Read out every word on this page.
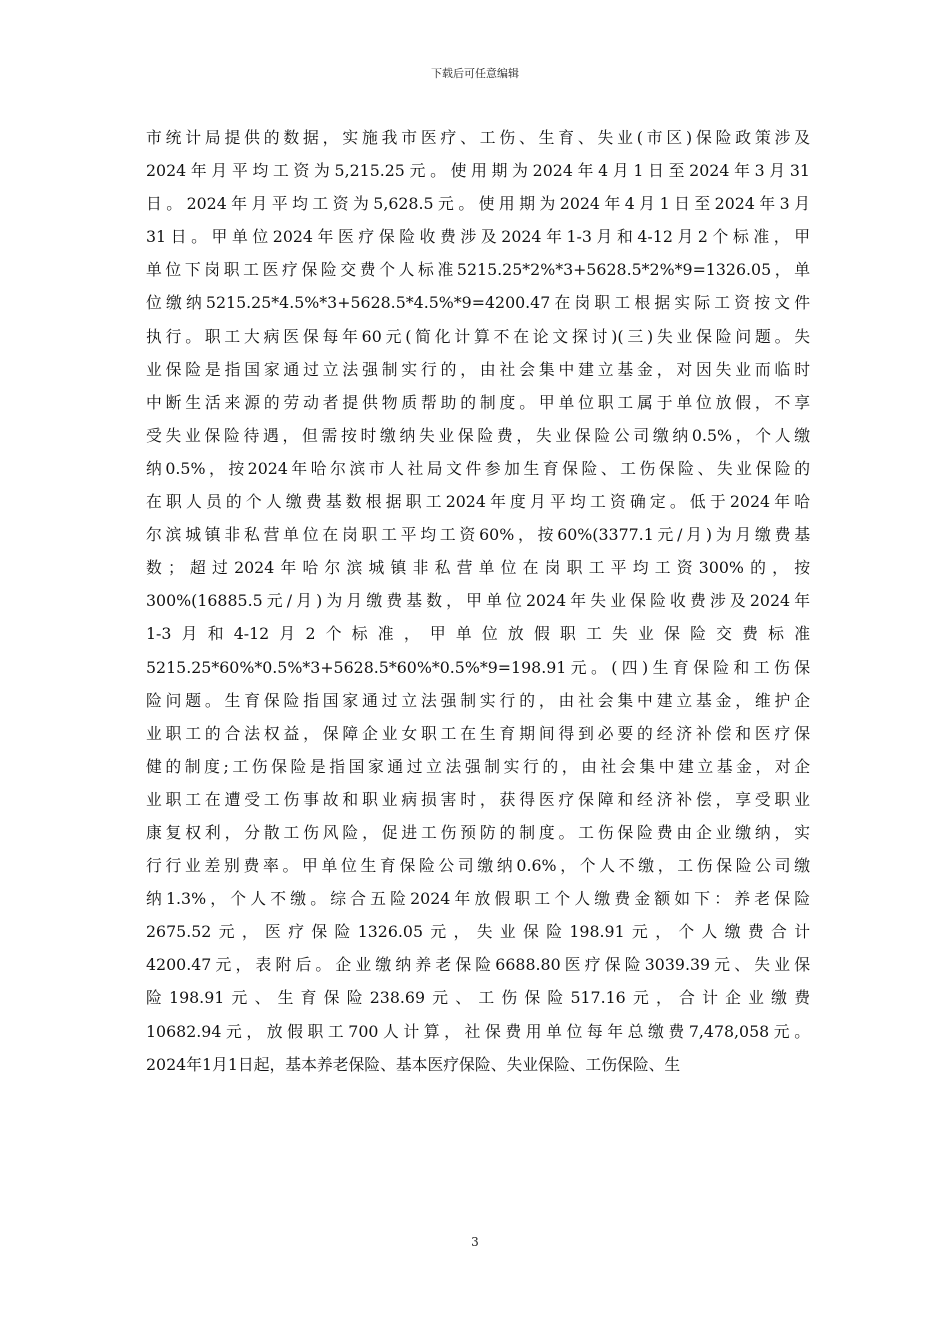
下载后可任意编辑
市统计局提供的数据，实施我市医疗、工伤、生育、失业(市区)保险政策涉及
2024年月平均工资为5,215.25元。使用期为2024年4月1日至2024年3月31
日。2024年月平均工资为5,628.5元。使用期为2024年4月1日至2024年3月
31日。甲单位2024年医疗保险收费涉及2024年1-3月和4-12月2个标准，甲
单位下岗职工医疗保险交费个人标准5215.25*2%*3+5628.5*2%*9=1326.05，单
位缴纳5215.25*4.5%*3+5628.5*4.5%*9=4200.47在岗职工根据实际工资按文件
执行。职工大病医保每年60元(简化计算不在论文探讨)(三)失业保险问题。失
业保险是指国家通过立法强制实行的，由社会集中建立基金，对因失业而临时
中断生活来源的劳动者提供物质帮助的制度。甲单位职工属于单位放假，不享
受失业保险待遇，但需按时缴纳失业保险费，失业保险公司缴纳0.5%，个人缴
纳0.5%，按2024年哈尔滨市人社局文件参加生育保险、工伤保险、失业保险的
在职人员的个人缴费基数根据职工2024年度月平均工资确定。低于2024年哈
尔滨城镇非私营单位在岗职工平均工资60%，按60%(3377.1元/月)为月缴费基
数；超过2024年哈尔滨城镇非私营单位在岗职工平均工资300%的，按
300%(16885.5元/月)为月缴费基数，甲单位2024年失业保险收费涉及2024年
1-3月和4-12月2个标准，甲单位放假职工失业保险交费标准
5215.25*60%*0.5%*3+5628.5*60%*0.5%*9=198.91元。(四)生育保险和工伤保
险问题。生育保险指国家通过立法强制实行的，由社会集中建立基金，维护企
业职工的合法权益，保障企业女职工在生育期间得到必要的经济补偿和医疗保
健的制度;工伤保险是指国家通过立法强制实行的，由社会集中建立基金，对企
业职工在遭受工伤事故和职业病损害时，获得医疗保障和经济补偿，享受职业
康复权利，分散工伤风险，促进工伤预防的制度。工伤保险费由企业缴纳，实
行行业差别费率。甲单位生育保险公司缴纳0.6%，个人不缴，工伤保险公司缴
纳1.3%，个人不缴。综合五险2024年放假职工个人缴费金额如下：养老保险
2675.52元，医疗保险1326.05元，失业保险198.91元，个人缴费合计
4200.47元，表附后。企业缴纳养老保险6688.80医疗保险3039.39元、失业保
险198.91元、生育保险238.69元、工伤保险517.16元，合计企业缴费
10682.94元，放假职工700人计算，社保费用单位每年总缴费7,478,058元。
2024年1月1日起，基本养老保险、基本医疗保险、失业保险、工伤保险、生
3
